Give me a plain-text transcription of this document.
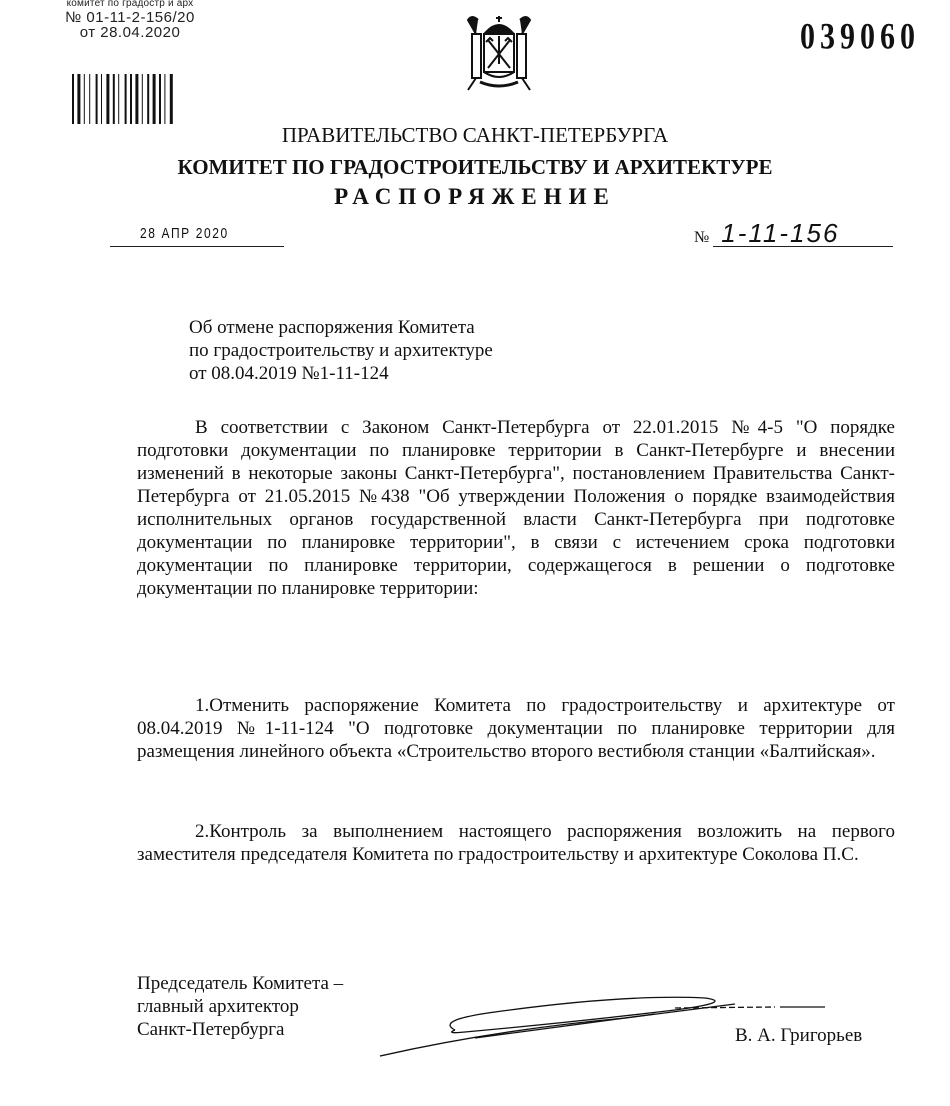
комитет по градостр и арх
№ 01-11-2-156/20
от 28.04.2020	039060
ПРАВИТЕЛЬСТВО САНКТ-ПЕТЕРБУРГА
КОМИТЕТ ПО ГРАДОСТРОИТЕЛЬСТВУ И АРХИТЕКТУРЕ
РАСПОРЯЖЕНИЕ
28 АПР 2020	№ 1-11-156
Об отмене распоряжения Комитета
по градостроительству и архитектуре
от 08.04.2019 №1-11-124

В соответствии с Законом Санкт-Петербурга от 22.01.2015 №4-5 "О порядке подготовки документации по планировке территории в Санкт-Петербурге и внесении изменений в некоторые законы Санкт-Петербурга", постановлением Правительства Санкт-Петербурга от 21.05.2015 №438 "Об утверждении Положения о порядке взаимодействия исполнительных органов государственной власти Санкт-Петербурга при подготовке документации по планировке территории", в связи с истечением срока подготовки документации по планировке территории, содержащегося в решении о подготовке документации по планировке территории:

1.Отменить распоряжение Комитета по градостроительству и архитектуре от 08.04.2019 №1-11-124 "О подготовке документации по планировке территории для размещения линейного объекта «Строительство второго вестибюля станции «Балтийская».

2.Контроль за выполнением настоящего распоряжения возложить на первого заместителя председателя Комитета по градостроительству и архитектуре Соколова П.С.

Председатель Комитета –
главный архитектор
Санкт-Петербурга	В. А. Григорьев
